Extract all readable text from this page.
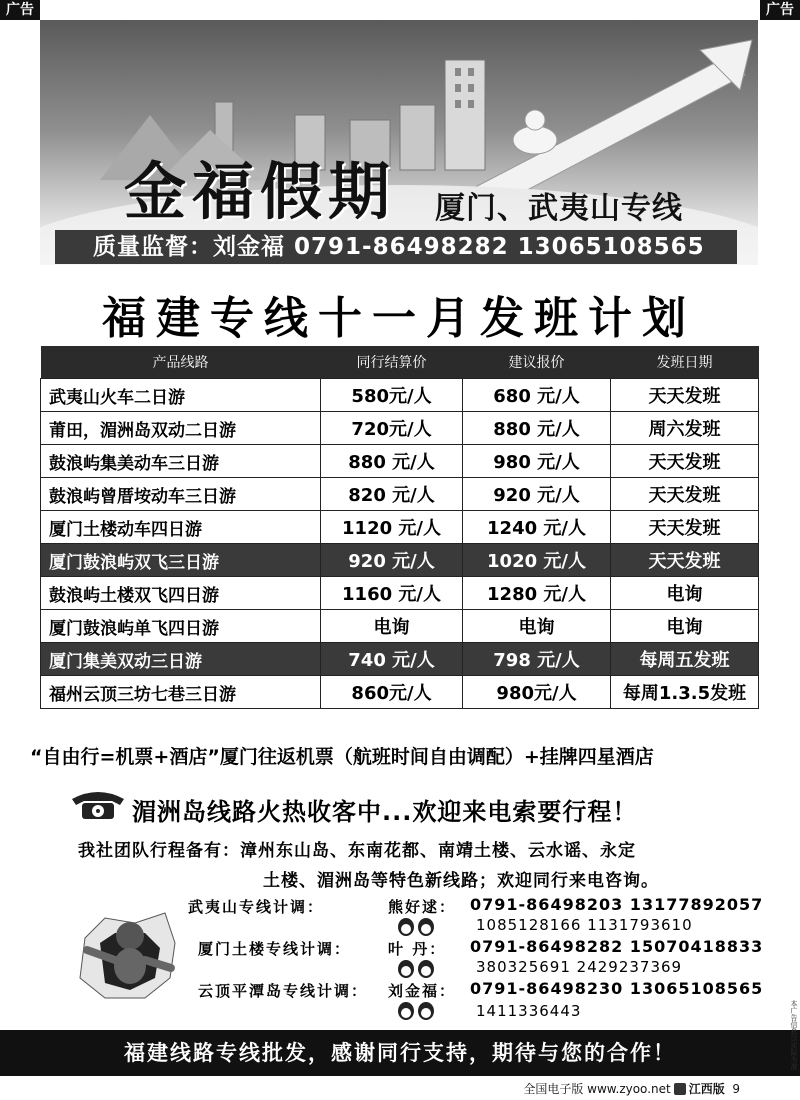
广告	广告
金福假期	厦门、武夷山专线
质量监督：刘金福 0791-86498282 13065108565
福建专线十一月发班计划
产品线路	同行结算价	建议报价	发班日期
武夷山火车二日游	580元/人	680 元/人	天天发班
莆田，湄洲岛双动二日游	720元/人	880 元/人	周六发班
鼓浪屿集美动车三日游	880 元/人	980 元/人	天天发班
鼓浪屿曾厝垵动车三日游	820 元/人	920 元/人	天天发班
厦门土楼动车四日游	1120 元/人	1240 元/人	天天发班
厦门鼓浪屿双飞三日游	920 元/人	1020 元/人	天天发班
鼓浪屿土楼双飞四日游	1160 元/人	1280 元/人	电询
厦门鼓浪屿单飞四日游	电询	电询	电询
厦门集美双动三日游	740 元/人	798 元/人	每周五发班
福州云顶三坊七巷三日游	860元/人	980元/人	每周1.3.5发班
“自由行=机票+酒店”厦门往返机票（航班时间自由调配）+挂牌四星酒店
湄洲岛线路火热收客中...欢迎来电索要行程！
我社团队行程备有：漳州东山岛、东南花都、南靖土楼、云水谣、永定
土楼、湄洲岛等特色新线路；欢迎同行来电咨询。
武夷山专线计调：	熊好逑： 0791-86498203 13177892057
1085128166 1131793610
厦门土楼专线计调： 叶 丹： 0791-86498282 15070418833
380325691 2429237369
云顶平潭岛专线计调： 刘金福： 0791-86498230 13065108565
1411336443
福建线路专线批发，感谢同行支持，期待与您的合作！
全国电子版 www.zyoo.net 江西版 9
本广告信息以实际为准
